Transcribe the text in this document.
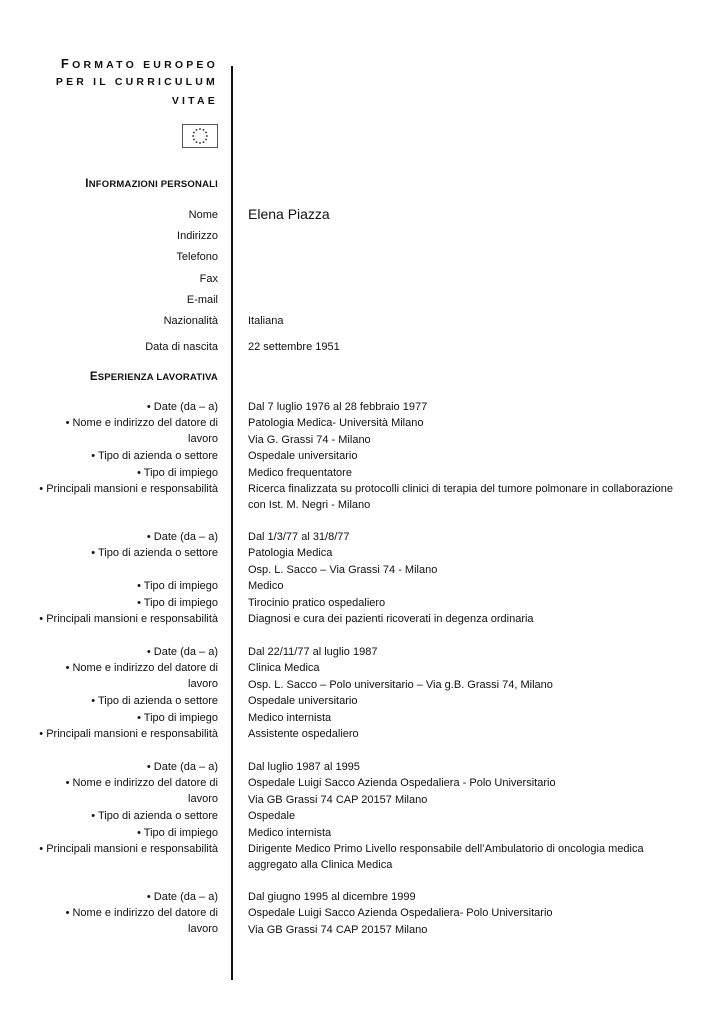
FORMATO EUROPEO
PER IL CURRICULUM
VITAE
INFORMAZIONI PERSONALI
Nome Elena Piazza
Indirizzo
Telefono
Fax
E-mail
Nazionalità	Italiana
Data di nascita	22 settembre 1951
ESPERIENZA LAVORATIVA
• Date (da – a)	Dal 7 luglio 1976 al 28 febbraio 1977
• Nome e indirizzo del datore di	Patologia Medica- Università Milano
lavoro	Via G. Grassi 74 - Milano
• Tipo di azienda o settore	Ospedale universitario
• Tipo di impiego	Medico frequentatore
• Principali mansioni e responsabilità	Ricerca finalizzata su protocolli clinici di terapia del tumore polmonare in collaborazione con Ist. M. Negri - Milano
• Date (da – a)	Dal 1/3/77 al 31/8/77
• Tipo di azienda o settore	Patologia Medica
Osp. L. Sacco – Via Grassi 74 - Milano
• Tipo di impiego	Medico
• Tipo di impiego	Tirocinio pratico ospedaliero
• Principali mansioni e responsabilità	Diagnosi e cura dei pazienti ricoverati in degenza ordinaria
• Date (da – a)	Dal 22/11/77 al luglio 1987
• Nome e indirizzo del datore di	Clinica Medica
lavoro	Osp. L. Sacco – Polo universitario – Via g.B. Grassi 74, Milano
• Tipo di azienda o settore	Ospedale universitario
• Tipo di impiego	Medico internista
• Principali mansioni e responsabilità	Assistente ospedaliero
• Date (da – a)	Dal luglio 1987 al 1995
• Nome e indirizzo del datore di	Ospedale Luigi Sacco Azienda Ospedaliera - Polo Universitario
lavoro	Via GB Grassi 74 CAP 20157 Milano
• Tipo di azienda o settore	Ospedale
• Tipo di impiego	Medico internista
• Principali mansioni e responsabilità	Dirigente Medico Primo Livello responsabile dell’Ambulatorio di oncologia medica aggregato alla Clinica Medica
• Date (da – a)	Dal giugno 1995 al dicembre 1999
• Nome e indirizzo del datore di	Ospedale Luigi Sacco Azienda Ospedaliera- Polo Universitario
lavoro	Via GB Grassi 74 CAP 20157 Milano
